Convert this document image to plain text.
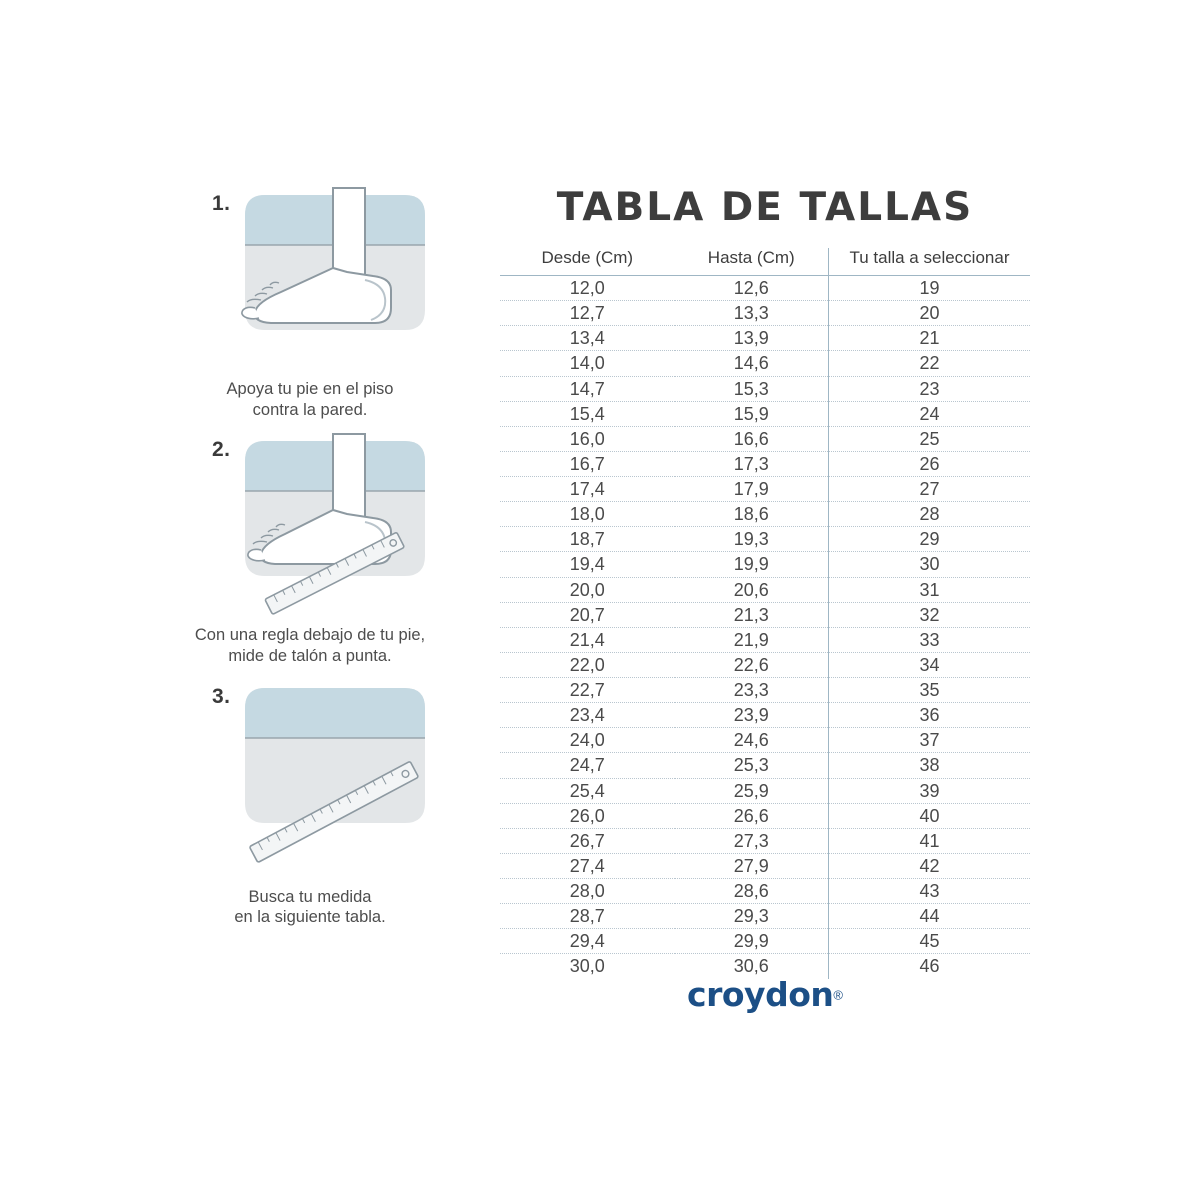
1.
Apoya tu pie en el piso
contra la pared.
2.
Con una regla debajo de tu pie,
mide de talón a punta.
3.
Busca tu medida
en la siguiente tabla.
TABLA DE TALLAS
Desde (Cm)	Hasta (Cm)	Tu talla a seleccionar
12,0	12,6	19
12,7	13,3	20
13,4	13,9	21
14,0	14,6	22
14,7	15,3	23
15,4	15,9	24
16,0	16,6	25
16,7	17,3	26
17,4	17,9	27
18,0	18,6	28
18,7	19,3	29
19,4	19,9	30
20,0	20,6	31
20,7	21,3	32
21,4	21,9	33
22,0	22,6	34
22,7	23,3	35
23,4	23,9	36
24,0	24,6	37
24,7	25,3	38
25,4	25,9	39
26,0	26,6	40
26,7	27,3	41
27,4	27,9	42
28,0	28,6	43
28,7	29,3	44
29,4	29,9	45
30,0	30,6	46
croydon®
